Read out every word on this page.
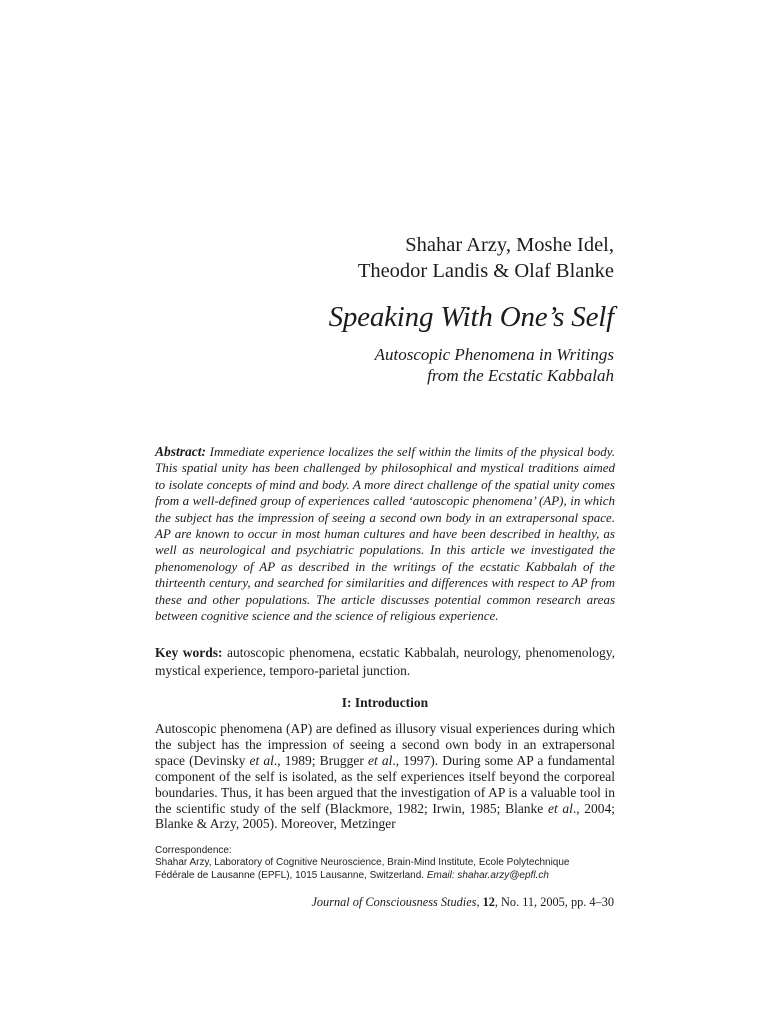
Shahar Arzy, Moshe Idel,
Theodor Landis & Olaf Blanke
Speaking With One’s Self
Autoscopic Phenomena in Writings
from the Ecstatic Kabbalah
Abstract: Immediate experience localizes the self within the limits of the physical body. This spatial unity has been challenged by philosophical and mystical traditions aimed to isolate concepts of mind and body. A more direct challenge of the spatial unity comes from a well-defined group of experiences called ‘autoscopic phenomena’ (AP), in which the subject has the impression of seeing a second own body in an extrapersonal space. AP are known to occur in most human cultures and have been described in healthy, as well as neurological and psychiatric populations. In this article we investigated the phenomenology of AP as described in the writings of the ecstatic Kabbalah of the thirteenth century, and searched for similarities and differences with respect to AP from these and other populations. The article discusses potential common research areas between cognitive science and the science of religious experience.
Key words: autoscopic phenomena, ecstatic Kabbalah, neurology, phenomenology, mystical experience, temporo-parietal junction.
I: Introduction
Autoscopic phenomena (AP) are defined as illusory visual experiences during which the subject has the impression of seeing a second own body in an extrapersonal space (Devinsky et al., 1989; Brugger et al., 1997). During some AP a fundamental component of the self is isolated, as the self experiences itself beyond the corporeal boundaries. Thus, it has been argued that the investigation of AP is a valuable tool in the scientific study of the self (Blackmore, 1982; Irwin, 1985; Blanke et al., 2004; Blanke & Arzy, 2005). Moreover, Metzinger
Correspondence:
Shahar Arzy, Laboratory of Cognitive Neuroscience, Brain-Mind Institute, Ecole Polytechnique
Fédérale de Lausanne (EPFL), 1015 Lausanne, Switzerland. Email: shahar.arzy@epfl.ch
Journal of Consciousness Studies, 12, No. 11, 2005, pp. 4–30
